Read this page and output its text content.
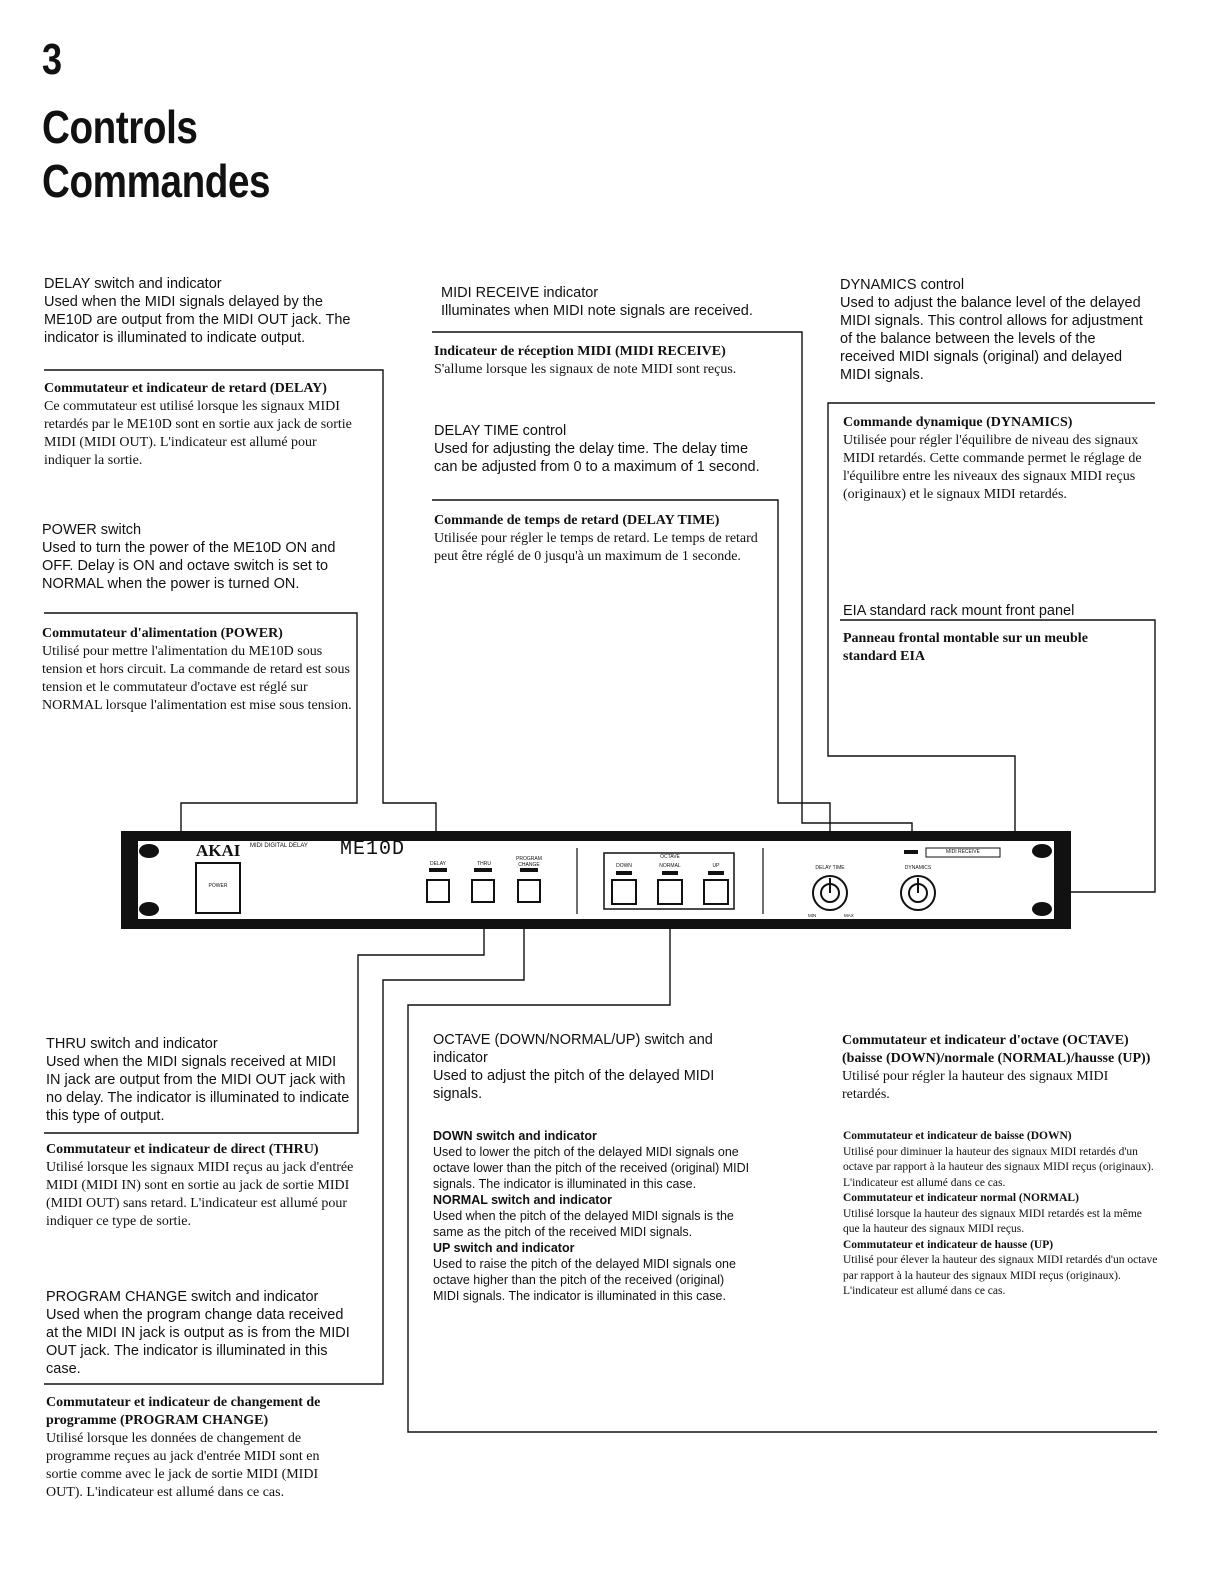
3
Controls
Commandes
AKAI MIDI DIGITAL DELAY ME10D
POWER
DELAY	THRU
PROGRAM CHANGE
OCTAVE
DOWN	NORMAL	UP	DELAY TIME	DYNAMICS
MIDI RECEIVE
MIN	MAX
DELAY switch and indicator

Used when the MIDI signals delayed by the ME10D are output from the MIDI OUT jack. The indicator is illuminated to indicate output.

Commutateur et indicateur de retard (DELAY)

Ce commutateur est utilisé lorsque les signaux MIDI retardés par le ME10D sont en sortie aux jack de sortie MIDI (MIDI OUT). L'indicateur est allumé pour indiquer la sortie.

POWER switch

Used to turn the power of the ME10D ON and OFF. Delay is ON and octave switch is set to NORMAL when the power is turned ON.

Commutateur d'alimentation (POWER)

Utilisé pour mettre l'alimentation du ME10D sous tension et hors circuit. La commande de retard est sous tension et le commutateur d'octave est réglé sur NORMAL lorsque l'alimentation est mise sous tension.

THRU switch and indicator

Used when the MIDI signals received at MIDI IN jack are output from the MIDI OUT jack with no delay. The indicator is illuminated to indicate this type of output.

Commutateur et indicateur de direct (THRU)

Utilisé lorsque les signaux MIDI reçus au jack d'entrée MIDI (MIDI IN) sont en sortie au jack de sortie MIDI (MIDI OUT) sans retard. L'indicateur est allumé pour indiquer ce type de sortie.

PROGRAM CHANGE switch and indicator

Used when the program change data received at the MIDI IN jack is output as is from the MIDI OUT jack. The indicator is illuminated in this case.

Commutateur et indicateur de changement de programme (PROGRAM CHANGE)

Utilisé lorsque les données de changement de programme reçues au jack d'entrée MIDI sont en sortie comme avec le jack de sortie MIDI (MIDI OUT). L'indicateur est allumé dans ce cas.

MIDI RECEIVE indicator

Illuminates when MIDI note signals are received.

Indicateur de réception MIDI (MIDI RECEIVE)

S'allume lorsque les signaux de note MIDI sont reçus.

DELAY TIME control

Used for adjusting the delay time. The delay time can be adjusted from 0 to a maximum of 1 second.

Commande de temps de retard (DELAY TIME)

Utilisée pour régler le temps de retard. Le temps de retard peut être réglé de 0 jusqu'à un maximum de 1 seconde.

OCTAVE (DOWN/NORMAL/UP) switch and indicator

Used to adjust the pitch of the delayed MIDI signals.

DOWN switch and indicator

Used to lower the pitch of the delayed MIDI signals one octave lower than the pitch of the received (original) MIDI signals. The indicator is illuminated in this case.

NORMAL switch and indicator

Used when the pitch of the delayed MIDI signals is the same as the pitch of the received MIDI signals.

UP switch and indicator

Used to raise the pitch of the delayed MIDI signals one octave higher than the pitch of the received (original) MIDI signals. The indicator is illuminated in this case.

DYNAMICS control

Used to adjust the balance level of the delayed MIDI signals. This control allows for adjustment of the balance between the levels of the received MIDI signals (original) and delayed MIDI signals.

Commande dynamique (DYNAMICS)

Utilisée pour régler l'équilibre de niveau des signaux MIDI retardés. Cette commande permet le réglage de l'équilibre entre les niveaux des signaux MIDI reçus (originaux) et le signaux MIDI retardés.

EIA standard rack mount front panel
Panneau frontal montable sur un meuble standard EIA
Commutateur et indicateur d'octave (OCTAVE) (baisse (DOWN)/normale (NORMAL)/hausse (UP))

Utilisé pour régler la hauteur des signaux MIDI retardés.

Commutateur et indicateur de baisse (DOWN)

Utilisé pour diminuer la hauteur des signaux MIDI retardés d'un octave par rapport à la hauteur des signaux MIDI reçus (originaux). L'indicateur est allumé dans ce cas.

Commutateur et indicateur normal (NORMAL)

Utilisé lorsque la hauteur des signaux MIDI retardés est la même que la hauteur des signaux MIDI reçus.

Commutateur et indicateur de hausse (UP)

Utilisé pour élever la hauteur des signaux MIDI retardés d'un octave par rapport à la hauteur des signaux MIDI reçus (originaux). L'indicateur est allumé dans ce cas.
